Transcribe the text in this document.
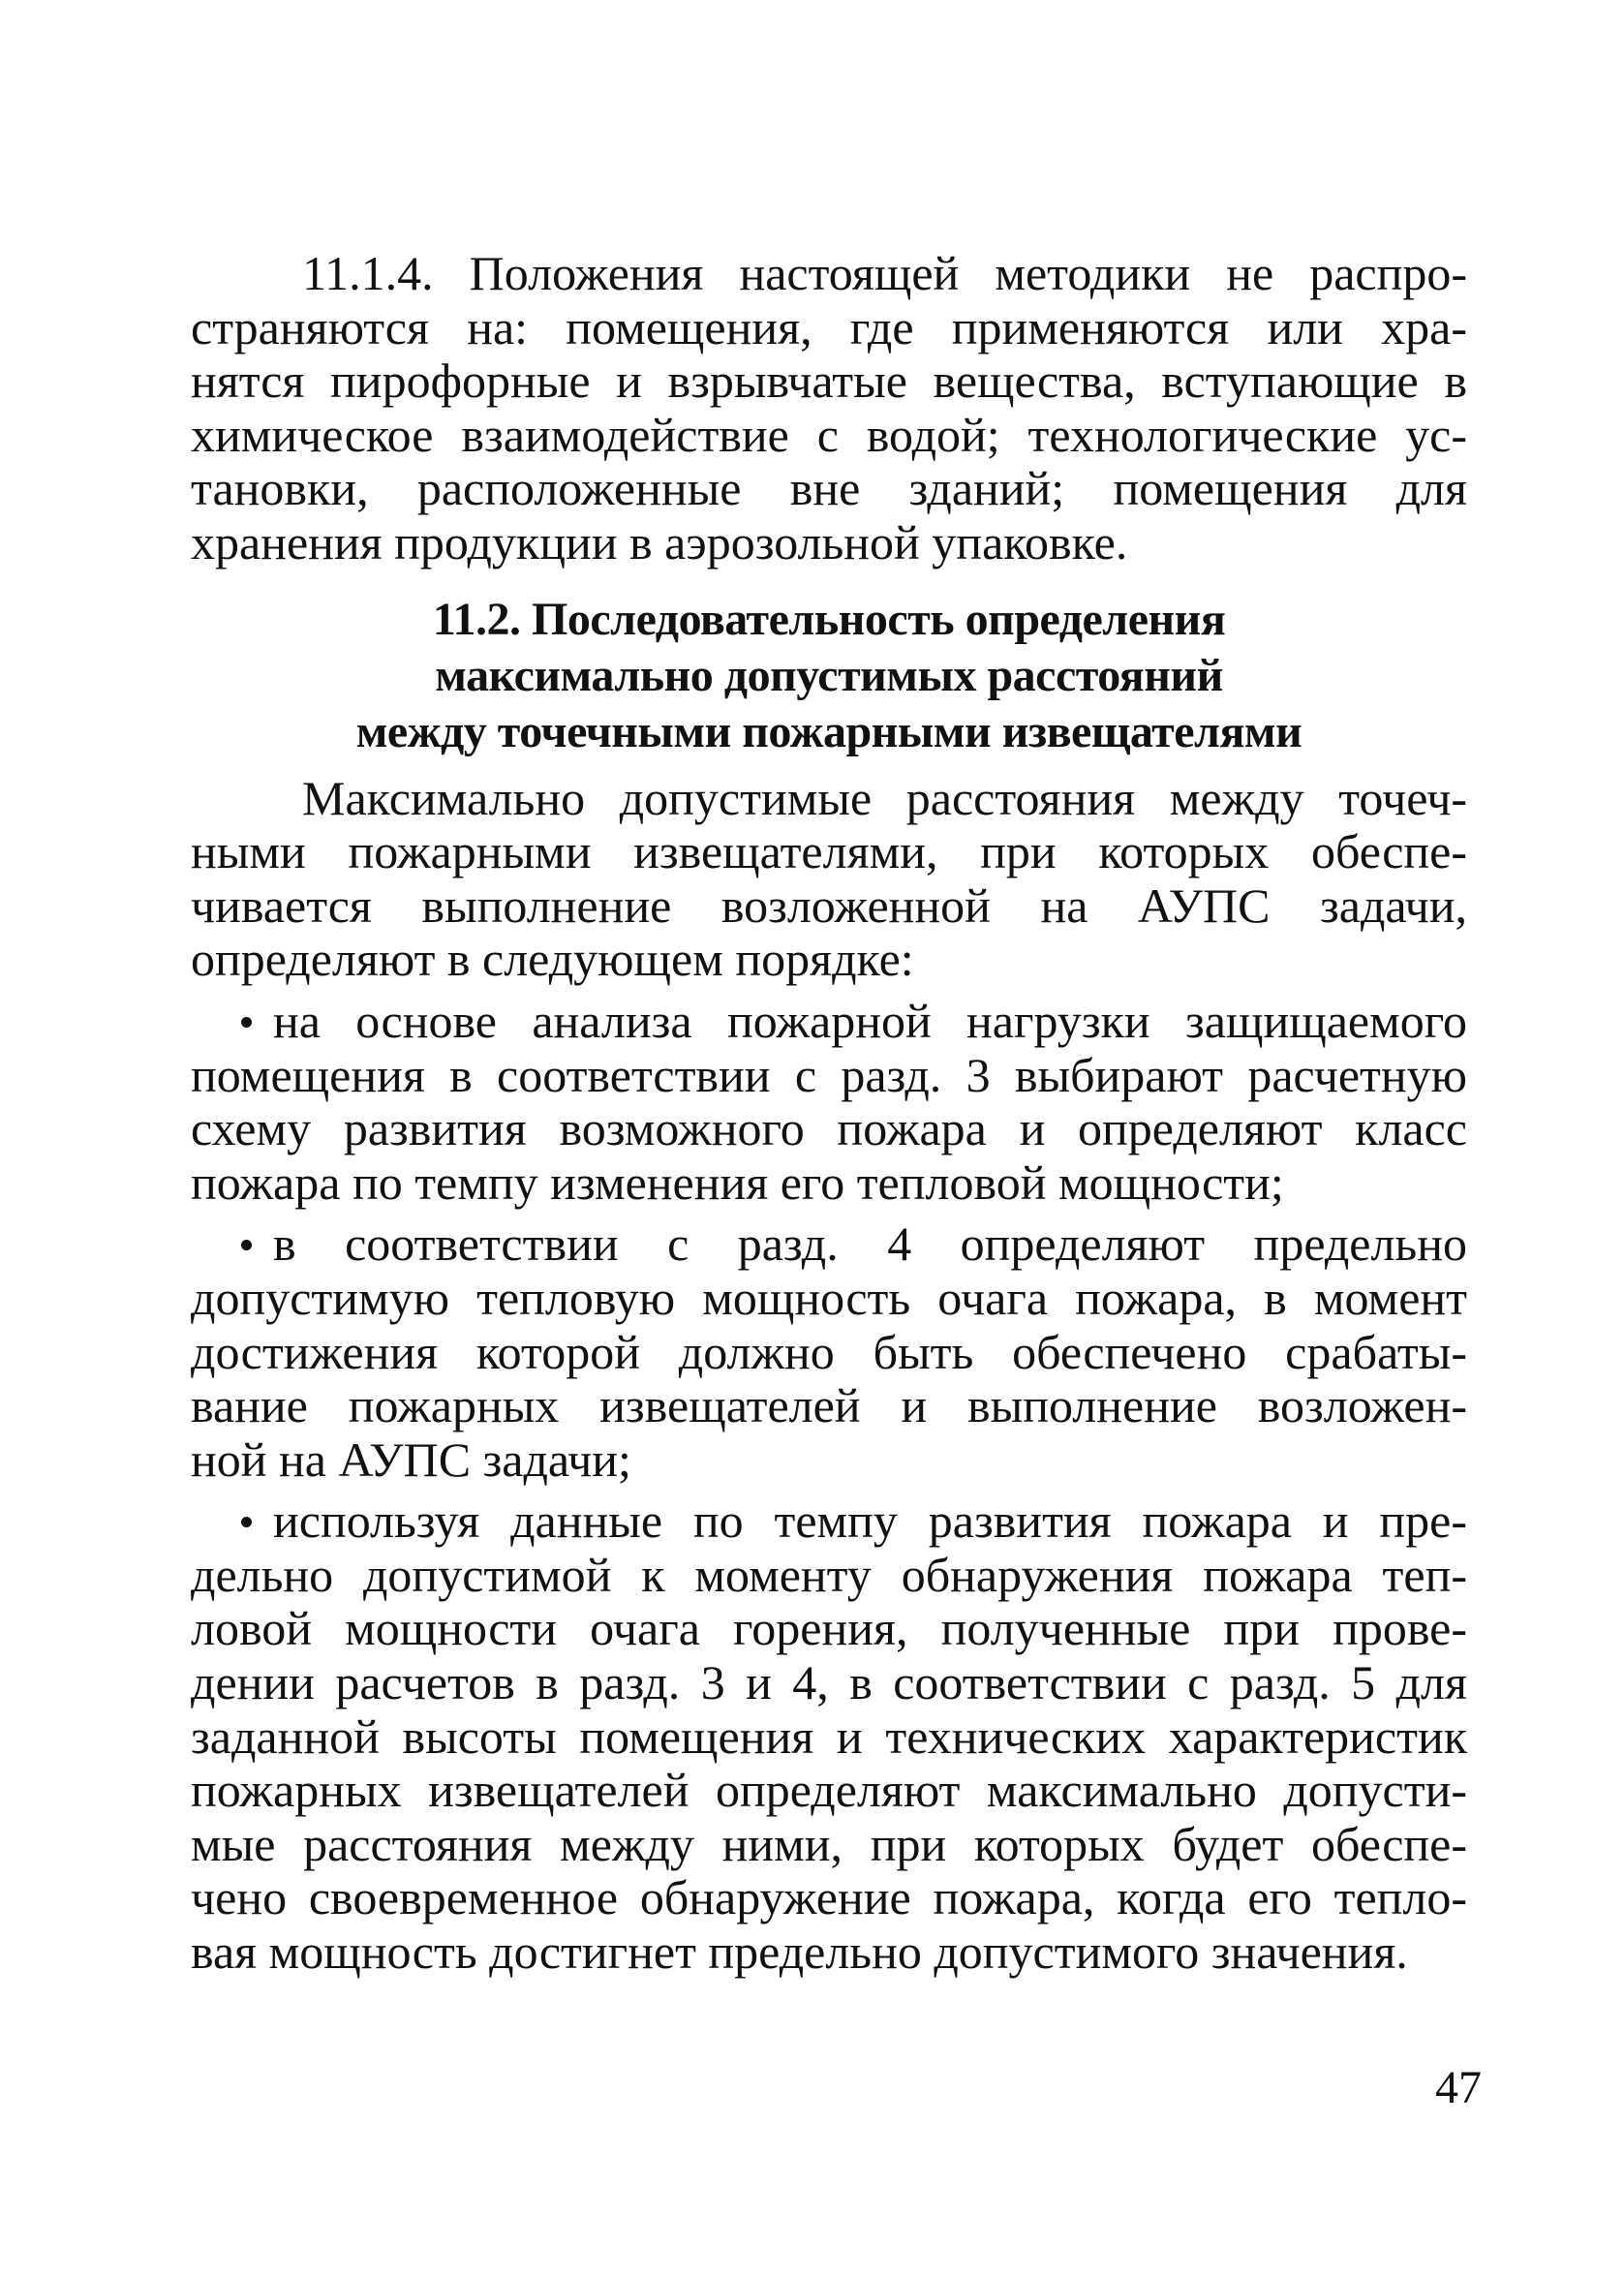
11.1.4. Положения настоящей методики не распро-
страняются на: помещения, где применяются или хра-
нятся пирофорные и взрывчатые вещества, вступающие в
химическое взаимодействие с водой; технологические ус-
тановки, расположенные вне зданий; помещения для
хранения продукции в аэрозольной упаковке.
11.2. Последовательность определения
максимально допустимых расстояний
между точечными пожарными извещателями
Максимально допустимые расстояния между точеч-
ными пожарными извещателями, при которых обеспе-
чивается выполнение возложенной на АУПС задачи,
определяют в следующем порядке:
на основе анализа пожарной нагрузки защищаемого
помещения в соответствии с разд. 3 выбирают расчетную
схему развития возможного пожара и определяют класс
пожара по темпу изменения его тепловой мощности;
в соответствии с разд. 4 определяют предельно
допустимую тепловую мощность очага пожара, в момент
достижения которой должно быть обеспечено срабаты-
вание пожарных извещателей и выполнение возложен-
ной на АУПС задачи;
используя данные по темпу развития пожара и пре-
дельно допустимой к моменту обнаружения пожара теп-
ловой мощности очага горения, полученные при прове-
дении расчетов в разд. 3 и 4, в соответствии с разд. 5 для
заданной высоты помещения и технических характеристик
пожарных извещателей определяют максимально допусти-
мые расстояния между ними, при которых будет обеспе-
чено своевременное обнаружение пожара, когда его тепло-
вая мощность достигнет предельно допустимого значения.
47
